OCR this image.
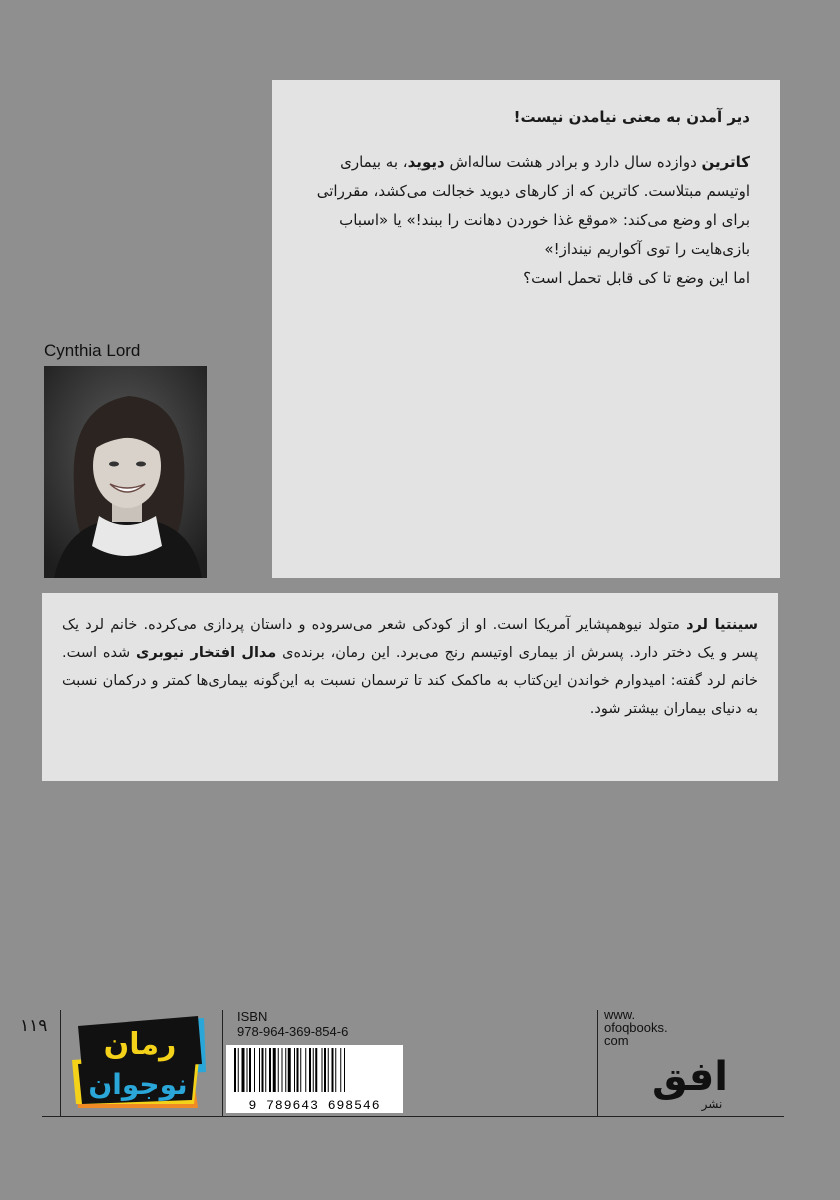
دیر آمدن به معنی نیامدن نیست!

کاترین دوازده سال دارد و برادر هشت ساله‌اش دیوید، به بیماری اوتیسم مبتلاست. کاترین که از کارهای دیوید خجالت می‌کشد، مقرراتی برای او وضع می‌کند: «موقع غذا خوردن دهانت را ببند!» یا «اسباب بازی‌هایت را توی آکواریم نینداز!»

اما این وضع تا کی قابل تحمل است؟

Cynthia Lord

سینتیا لرد متولد نیوهمپشایر آمریکا است. او از کودکی شعر می‌سروده و داستان پردازی می‌کرده. خانم لرد یک پسر و یک دختر دارد. پسرش از بیماری اوتیسم رنج می‌برد. این رمان، برنده‌ی مدال افتخار نیوبری شده است. خانم لرد گفته: امیدوارم خواندن این‌کتاب به ماکمک کند تا ترسمان نسبت به این‌گونه بیماری‌ها کمتر و درکمان نسبت به دنیای بیماران بیشتر شود.

۱۱۹
رمان
نوجوان
ISBN
978-964-369-854-6
9 789643 698546
www.
ofoqbooks.
com
افق
نشر
